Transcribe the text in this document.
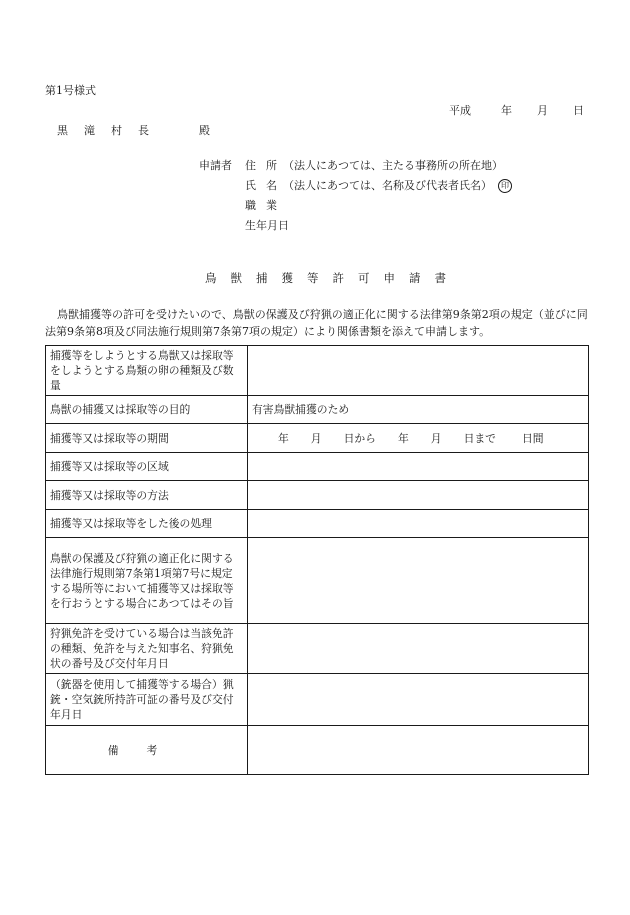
第1号様式
平成	年 月 日
黒滝村長	殿
申請者	住所
（法人にあつては、主たる事務所の所在地）
氏名
（法人にあつては、名称及び代表者氏名）	印
職業
生年月日
鳥獣捕獲等許可申請書

鳥獣捕獲等の許可を受けたいので、鳥獣の保護及び狩猟の適正化に関する法律第9条第2項の規定（並びに同法第9条第8項及び同法施行規則第7条第7項の規定）により関係書類を添えて申請します。

捕獲等をしようとする鳥獣又は採取等をしようとする鳥類の卵の種類及び数量	
鳥獣の捕獲又は採取等の目的	有害鳥獣捕獲のため
捕獲等又は採取等の期間	年 月 日から 年 月 日まで 日間
捕獲等又は採取等の区域	
捕獲等又は採取等の方法	
捕獲等又は採取等をした後の処理	
鳥獣の保護及び狩猟の適正化に関する法律施行規則第7条第1項第7号に規定する場所等において捕獲等又は採取等を行おうとする場合にあつてはその旨	
狩猟免許を受けている場合は当該免許の種類、免許を与えた知事名、狩猟免状の番号及び交付年月日	
（銃器を使用して捕獲等する場合）猟銃・空気銃所持許可証の番号及び交付年月日	
備考	
